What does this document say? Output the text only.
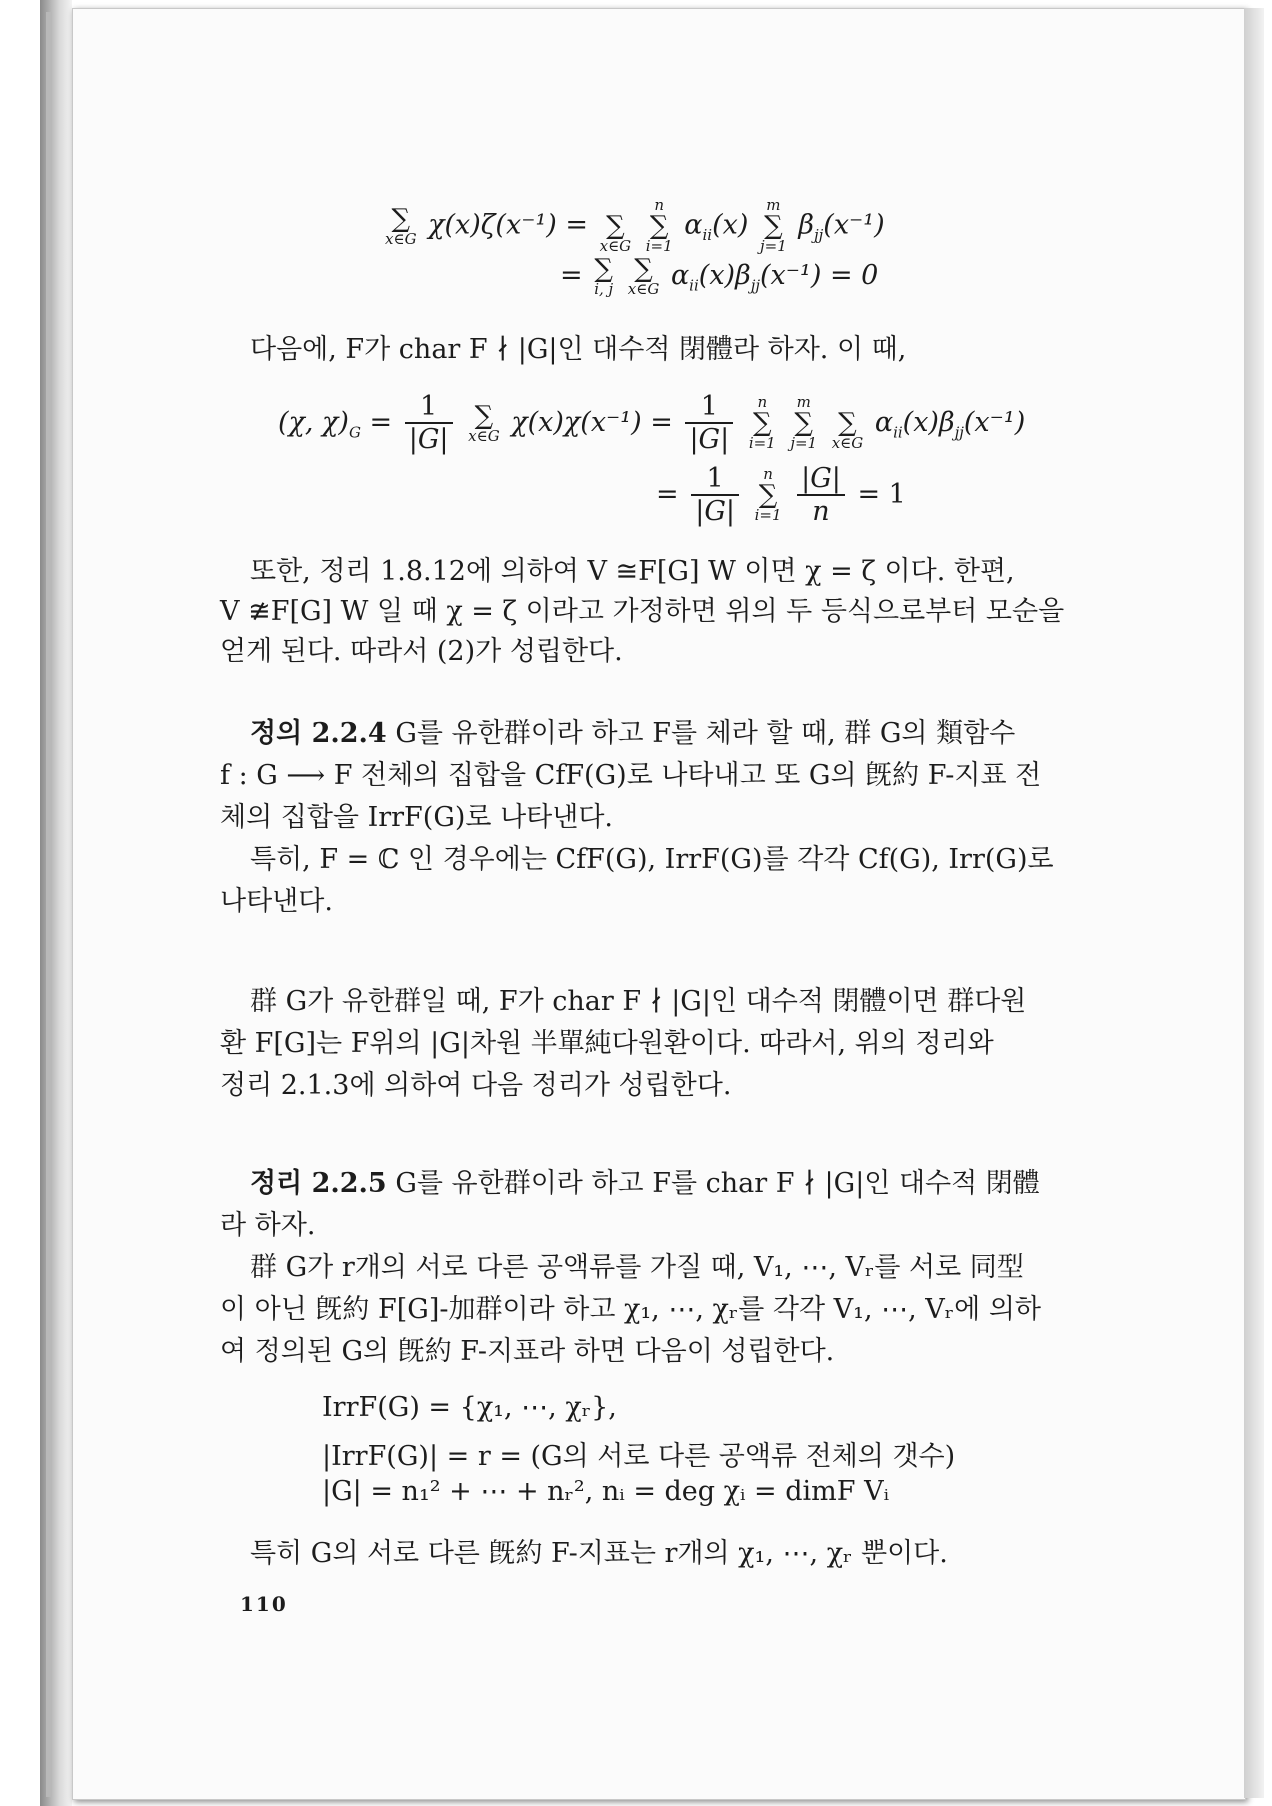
∑
x∈G χ(x)ζ(x⁻¹) =
∑
x∈G

n
∑
i=1
$\alpha_{ii}(x)$
m
∑
j=1
$\beta_{jj}(x^{-1})$
= ∑
i, j

∑
x∈G $\alpha_{ii}(x)\beta_{jj}(x^{-1}) = 0$
다음에, F가 char F ∤ |G|인 대수적 閉體라 하자. 이 때,
(χ, $\chi)_G = \frac{1}{|G|}$
∑
x∈G $\chi(x)\chi(x^{-1}) = \frac{1}{|G|}$
	n
∑
i=1

m
∑
j=1

∑
x∈G
$\alpha_{ii}(x)\beta_{jj}(x^{-1})$
= $\frac{1}{|G|}$
	n
∑
i=1
$\frac{|G|}{n} = 1$
또한, 정리 1.8.12에 의하여 V ≅F[G] W 이면 χ = ζ 이다. 한편,
V ≇F[G] W 일 때 χ = ζ 이라고 가정하면 위의 두 등식으로부터 모순을
얻게 된다. 따라서 (2)가 성립한다.
정의 2.2.4 G를 유한群이라 하고 F를 체라 할 때, 群 G의 類함수
f : G ⟶ F 전체의 집합을 CfF(G)로 나타내고 또 G의 旣約 F-지표 전
체의 집합을 IrrF(G)로 나타낸다.
특히, F = ℂ 인 경우에는 CfF(G), IrrF(G)를 각각 Cf(G), Irr(G)로
나타낸다.
群 G가 유한群일 때, F가 char F ∤ |G|인 대수적 閉體이면 群다원
환 F[G]는 F위의 |G|차원 半單純다원환이다. 따라서, 위의 정리와
정리 2.1.3에 의하여 다음 정리가 성립한다.
정리 2.2.5 G를 유한群이라 하고 F를 char F ∤ |G|인 대수적 閉體
라 하자.
群 G가 r개의 서로 다른 공액류를 가질 때, V₁, ⋯, Vᵣ를 서로 同型
이 아닌 旣約 F[G]-加群이라 하고 χ₁, ⋯, χᵣ를 각각 V₁, ⋯, Vᵣ에 의하
여 정의된 G의 旣約 F-지표라 하면 다음이 성립한다.
IrrF(G) = {χ₁, ⋯, χᵣ},
|IrrF(G)| = r = (G의 서로 다른 공액류 전체의 갯수)
|G| = n₁² + ⋯ + nᵣ², nᵢ = deg χᵢ = dimF Vᵢ
특히 G의 서로 다른 旣約 F-지표는 r개의 χ₁, ⋯, χᵣ 뿐이다.
110
